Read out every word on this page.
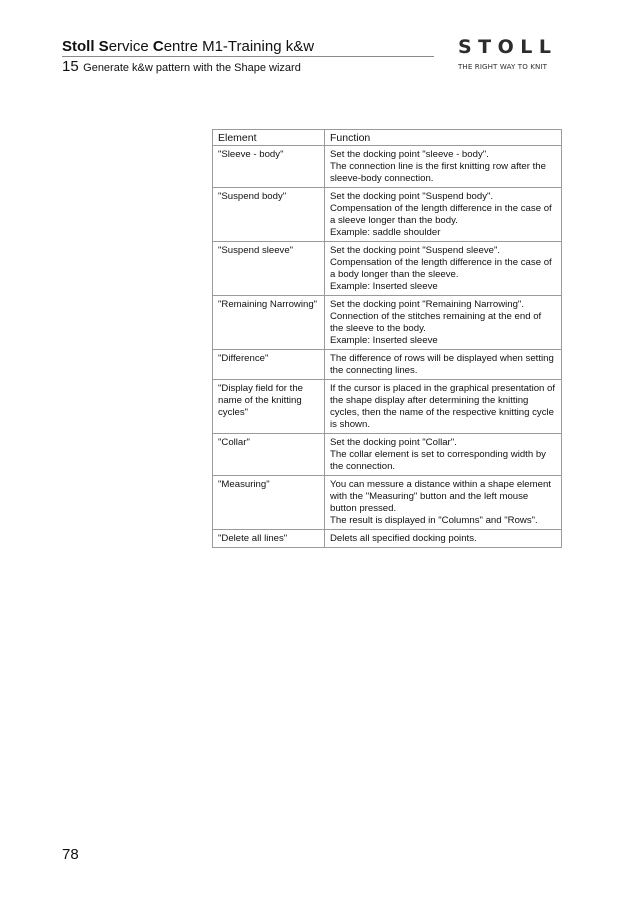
Stoll Service Centre M1-Training k&w
15 Generate k&w pattern with the Shape wizard
STOLL
THE RIGHT WAY TO KNIT
Element	Function
"Sleeve - body"	Set the docking point "sleeve - body".
The connection line is the first knitting row after the sleeve-body connection.

"Suspend body"	Set the docking point "Suspend body".
Compensation of the length difference in the case of a sleeve longer than the body.
Example: saddle shoulder

"Suspend sleeve"	Set the docking point "Suspend sleeve".
Compensation of the length difference in the case of a body longer than the sleeve.
Example: Inserted sleeve

"Remaining Narrowing"	Set the docking point "Remaining Narrowing".
Connection of the stitches remaining at the end of the sleeve to the body.
Example: Inserted sleeve

"Difference"	The difference of rows will be displayed when setting the connecting lines.

"Display field for the name of the knitting cycles"	If the cursor is placed in the graphical presentation of the shape display after determining the knitting cycles, then the name of the respective knitting cycle is shown.

"Collar"	Set the docking point "Collar".
The collar element is set to corresponding width by the connection.

"Measuring"	You can messure a distance within a shape element with the "Measuring" button and the left mouse button pressed.
The result is displayed in "Columns" and "Rows".

"Delete all lines"	Delets all specified docking points.
78
